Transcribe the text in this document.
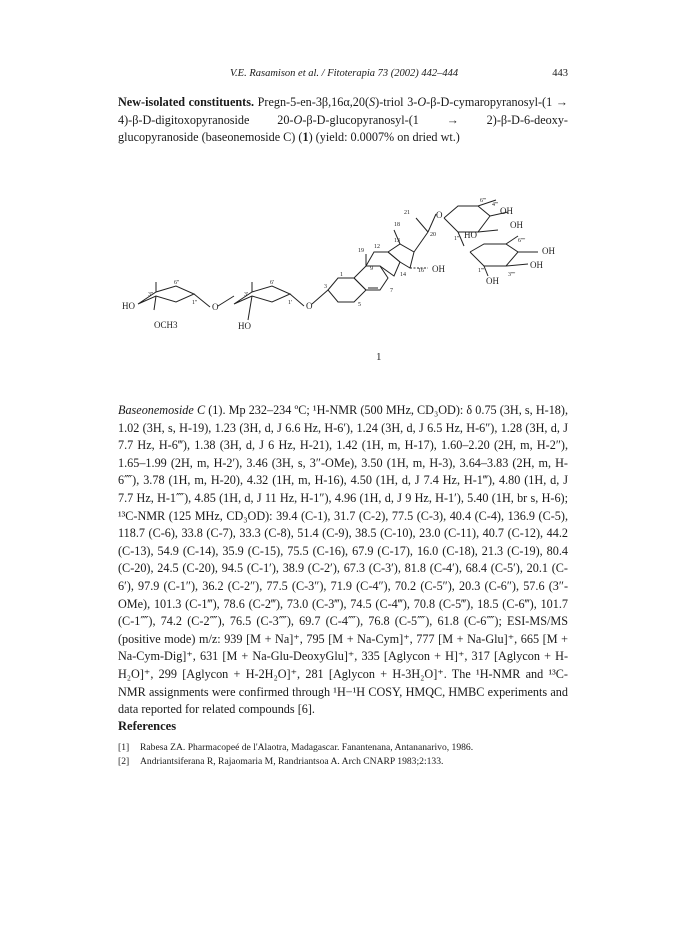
V.E. Rasamison et al. / Fitoterapia 73 (2002) 442–444	443
New-isolated constituents. Pregn-5-en-3β,16α,20(S)-triol 3-O-β-D-cymaropyranosyl-(1 → 4)-β-D-digitoxopyranoside 20-O-β-D-glucopyranosyl-(1 → 2)-β-D-6-deoxy-glucopyranoside (baseonemoside C) (1) (yield: 0.0007% on dried wt.)
HO
OCH3
O
HO
O
OH
O	OH
OH
HO
OH
OH
OH
1
3
5
7
9
12
13
14
16
18
19
20
21
1''
3''
6''
1'
3'
6'
1'''
6'''
4'''
1''''
3''''
6''''
1
Baseonemoside C (1). Mp 232–234 ºC; ¹H-NMR (500 MHz, CD₃OD): δ 0.75 (3H, s, H-18), 1.02 (3H, s, H-19), 1.23 (3H, d, J 6.6 Hz, H-6′), 1.24 (3H, d, J 6.5 Hz, H-6″), 1.28 (3H, d, J 7.7 Hz, H-6‴), 1.38 (3H, d, J 6 Hz, H-21), 1.42 (1H, m, H-17), 1.60–2.20 (2H, m, H-2″), 1.65–1.99 (2H, m, H-2′), 3.46 (3H, s, 3″-OMe), 3.50 (1H, m, H-3), 3.64–3.83 (2H, m, H-6⁗), 3.78 (1H, m, H-20), 4.32 (1H, m, H-16), 4.50 (1H, d, J 7.4 Hz, H-1‴), 4.80 (1H, d, J 7.7 Hz, H-1⁗), 4.85 (1H, d, J 11 Hz, H-1″), 4.96 (1H, d, J 9 Hz, H-1′), 5.40 (1H, br s, H-6); ¹³C-NMR (125 MHz, CD₃OD): 39.4 (C-1), 31.7 (C-2), 77.5 (C-3), 40.4 (C-4), 136.9 (C-5), 118.7 (C-6), 33.8 (C-7), 33.3 (C-8), 51.4 (C-9), 38.5 (C-10), 23.0 (C-11), 40.7 (C-12), 44.2 (C-13), 54.9 (C-14), 35.9 (C-15), 75.5 (C-16), 67.9 (C-17), 16.0 (C-18), 21.3 (C-19), 80.4 (C-20), 24.5 (C-20), 94.5 (C-1′), 38.9 (C-2′), 67.3 (C-3′), 81.8 (C-4′), 68.4 (C-5′), 20.1 (C-6′), 97.9 (C-1″), 36.2 (C-2″), 77.5 (C-3″), 71.9 (C-4″), 70.2 (C-5″), 20.3 (C-6″), 57.6 (3″-OMe), 101.3 (C-1‴), 78.6 (C-2‴), 73.0 (C-3‴), 74.5 (C-4‴), 70.8 (C-5‴), 18.5 (C-6‴), 101.7 (C-1⁗), 74.2 (C-2⁗), 76.5 (C-3⁗), 69.7 (C-4⁗), 76.8 (C-5⁗), 61.8 (C-6⁗); ESI-MS/MS (positive mode) m/z: 939 [M + Na]⁺, 795 [M + Na-Cym]⁺, 777 [M + Na-Glu]⁺, 665 [M + Na-Cym-Dig]⁺, 631 [M + Na-Glu-DeoxyGlu]⁺, 335 [Aglycon + H]⁺, 317 [Aglycon + H-H₂O]⁺, 299 [Aglycon + H-2H₂O]⁺, 281 [Aglycon + H-3H₂O]⁺. The ¹H-NMR and ¹³C-NMR assignments were confirmed through ¹H−¹H COSY, HMQC, HMBC experiments and data reported for related compounds [6].
References
[1]	Rabesa ZA. Pharmacopeé de l'Alaotra, Madagascar. Fanantenana, Antananarivo, 1986.
[2]	Andriantsiferana R, Rajaomaria M, Randriantsoa A. Arch CNARP 1983;2:133.
